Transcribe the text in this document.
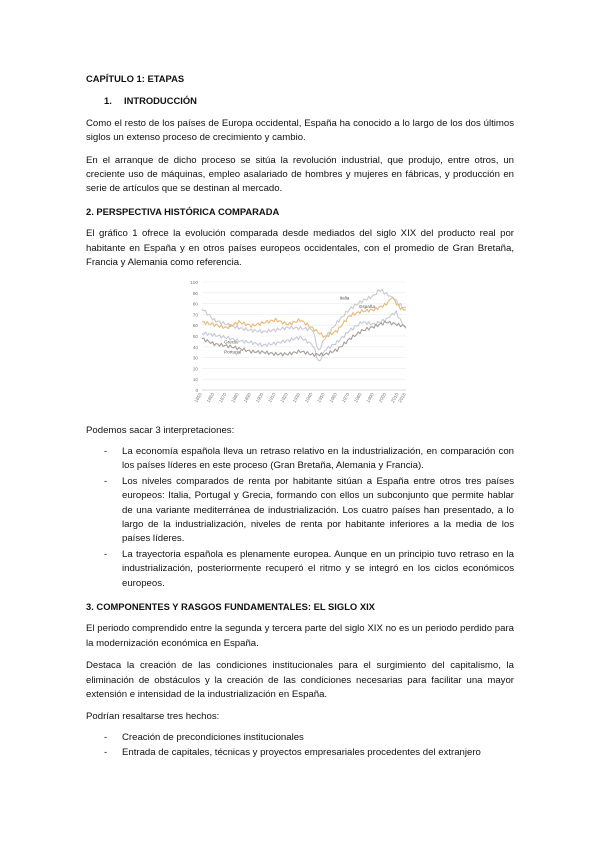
CAPÍTULO 1: ETAPAS

1.	INTRODUCCIÓN

Como el resto de los países de Europa occidental, España ha conocido a lo largo de los dos últimos siglos un extenso proceso de crecimiento y cambio.

En el arranque de dicho proceso se sitúa la revolución industrial, que produjo, entre otros, un creciente uso de máquinas, empleo asalariado de hombres y mujeres en fábricas, y producción en serie de artículos que se destinan al mercado.

2. PERSPECTIVA HISTÓRICA COMPARADA

El gráfico 1 ofrece la evolución comparada desde mediados del siglo XIX del producto real por habitante en España y en otros países europeos occidentales, con el promedio de Gran Bretaña, Francia y Alemania como referencia.

0
10
20
30
40
50
60
70
80
90
100
1850 1860 1870 1880 1890 1900 1910 1920 1930 1940 1950 1960 1970 1980 1990 2000 2010
2016
Italia
España
Grecia
Portugal

Podemos sacar 3 interpretaciones:

-	La economía española lleva un retraso relativo en la industrialización, en comparación con los países líderes en este proceso (Gran Bretaña, Alemania y Francia).
-	Los niveles comparados de renta por habitante sitúan a España entre otros tres países europeos: Italia, Portugal y Grecia, formando con ellos un subconjunto que permite hablar de una variante mediterránea de industrialización. Los cuatro países han presentado, a lo largo de la industrialización, niveles de renta por habitante inferiores a la media de los países líderes.
-	La trayectoria española es plenamente europea. Aunque en un principio tuvo retraso en la industrialización, posteriormente recuperó el ritmo y se integró en los ciclos económicos europeos.

3. COMPONENTES Y RASGOS FUNDAMENTALES: EL SIGLO XIX

El periodo comprendido entre la segunda y tercera parte del siglo XIX no es un periodo perdido para la modernización económica en España.

Destaca la creación de las condiciones institucionales para el surgimiento del capitalismo, la eliminación de obstáculos y la creación de las condiciones necesarias para facilitar una mayor extensión e intensidad de la industrialización en España.

Podrían resaltarse tres hechos:

-	Creación de precondiciones institucionales
-	Entrada de capitales, técnicas y proyectos empresariales procedentes del extranjero
